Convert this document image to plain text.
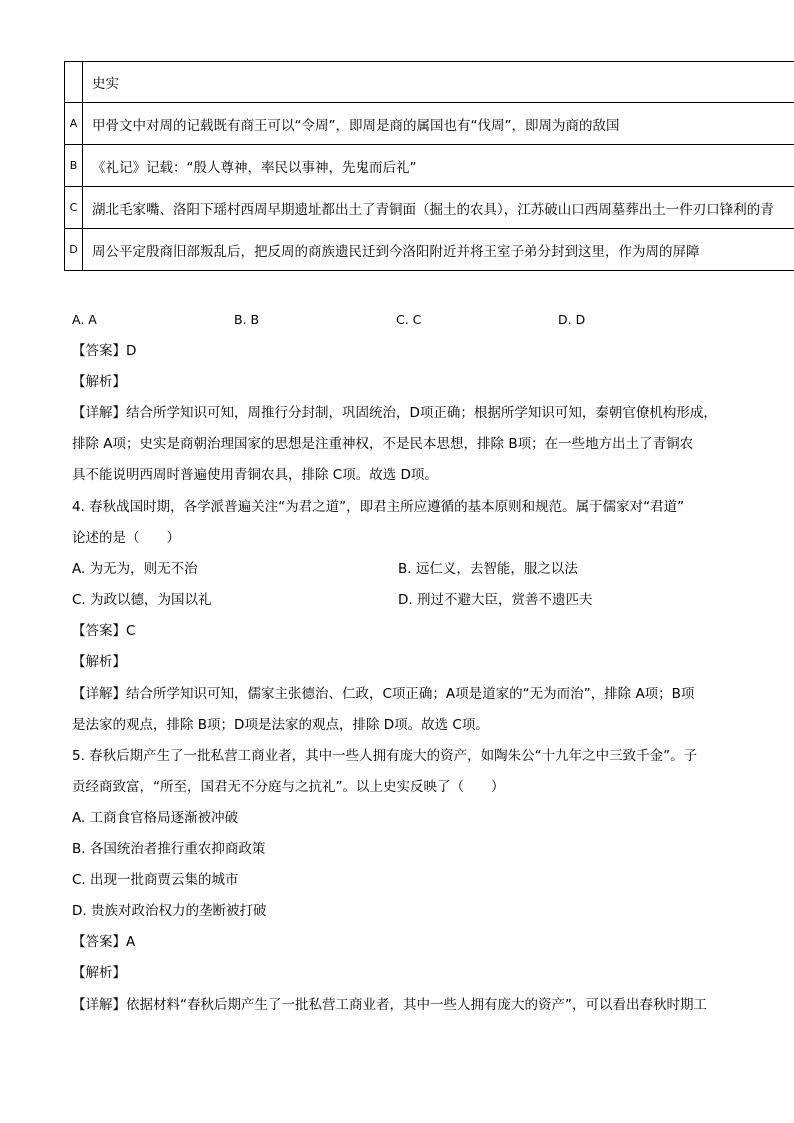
	史实
A	甲骨文中对周的记载既有商王可以“令周”，即周是商的属国也有“伐周”，即周为商的敌国
B	《礼记》记载：“殷人尊神，率民以事神，先鬼而后礼”
C	湖北毛家嘴、洛阳下瑶村西周早期遗址都出土了青铜面（掘土的农具），江苏破山口西周墓葬出土一件刃口锋利的青
D	周公平定殷商旧部叛乱后，把反周的商族遗民迁到今洛阳附近并将王室子弟分封到这里，作为周的屏障
A. A	B. B	C. C	D. D
【答案】D
【解析】
【详解】结合所学知识可知，周推行分封制，巩固统治，D项正确；根据所学知识可知，秦朝官僚机构形成，
排除 A项；史实是商朝治理国家的思想是注重神权，不是民本思想，排除 B项；在一些地方出土了青铜农
具不能说明西周时普遍使用青铜农具，排除 C项。故选 D项。
4. 春秋战国时期，各学派普遍关注“为君之道”，即君主所应遵循的基本原则和规范。属于儒家对“君道”
论述的是（　　）
A. 为无为，则无不治	B. 远仁义，去智能，服之以法
C. 为政以德，为国以礼	D. 刑过不避大臣，赏善不遗匹夫
【答案】C
【解析】
【详解】结合所学知识可知，儒家主张德治、仁政，C项正确；A项是道家的“无为而治”，排除 A项；B项
是法家的观点，排除 B项；D项是法家的观点，排除 D项。故选 C项。
5. 春秋后期产生了一批私营工商业者，其中一些人拥有庞大的资产，如陶朱公“十九年之中三致千金”。子
贡经商致富，“所至，国君无不分庭与之抗礼”。以上史实反映了（　　）
A. 工商食官格局逐渐被冲破
B. 各国统治者推行重农抑商政策
C. 出现一批商贾云集的城市
D. 贵族对政治权力的垄断被打破
【答案】A
【解析】
【详解】依据材料“春秋后期产生了一批私营工商业者，其中一些人拥有庞大的资产”，可以看出春秋时期工
